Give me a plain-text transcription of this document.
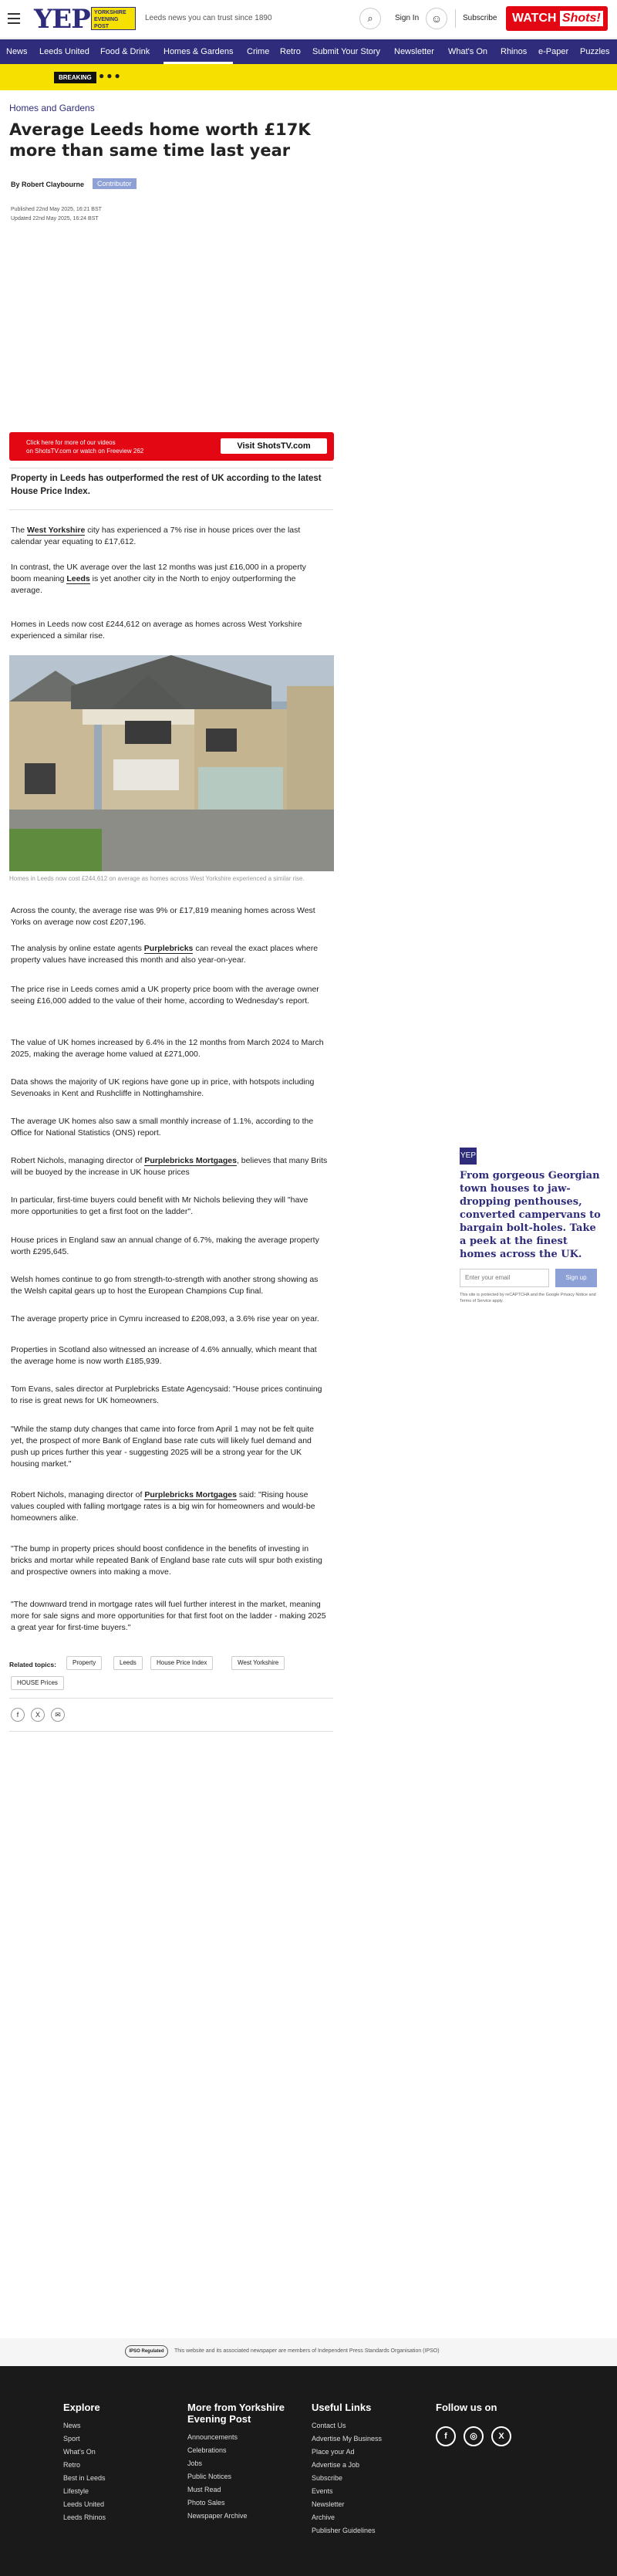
YEP YORKSHIRE EVENING POST
Leeds news you can trust since 1890	⌕	Sign In	☺	Subscribe	WATCH Shots!
News Leeds United Food & Drink Homes & Gardens Crime Retro Submit Your Story Newsletter What's On Rhinos e-Paper Puzzles
BREAKING ●●●
Homes and Gardens
Average Leeds home worth £17K more than same time last year
By Robert Claybourne	Contributor
Published 22nd May 2025, 16:21 BST
Updated 22nd May 2025, 16:24 BST
Click here for more of our videos
on ShotsTV.com or watch on Freeview 262
Visit ShotsTV.com
Property in Leeds has outperformed the rest of UK according to the latest House Price Index.
The West Yorkshire city has experienced a 7% rise in house prices over the last calendar year equating to £17,612.
In contrast, the UK average over the last 12 months was just £16,000 in a property boom meaning Leeds is yet another city in the North to enjoy outperforming the average.
Homes in Leeds now cost £244,612 on average as homes across West Yorkshire experienced a similar rise.
Homes in Leeds now cost £244,612 on average as homes across West Yorkshire experienced a similar rise.
Across the county, the average rise was 9% or £17,819 meaning homes across West Yorks on average now cost £207,196.
The analysis by online estate agents Purplebricks can reveal the exact places where property values have increased this month and also year-on-year.
The price rise in Leeds comes amid a UK property price boom with the average owner seeing £16,000 added to the value of their home, according to Wednesday's report.
The value of UK homes increased by 6.4% in the 12 months from March 2024 to March 2025, making the average home valued at £271,000.
Data shows the majority of UK regions have gone up in price, with hotspots including Sevenoaks in Kent and Rushcliffe in Nottinghamshire.
The average UK homes also saw a small monthly increase of 1.1%, according to the Office for National Statistics (ONS) report.
Robert Nichols, managing director of Purplebricks Mortgages, believes that many Brits will be buoyed by the increase in UK house prices
In particular, first-time buyers could benefit with Mr Nichols believing they will "have more opportunities to get a first foot on the ladder".
House prices in England saw an annual change of 6.7%, making the average property worth £295,645.
Welsh homes continue to go from strength-to-strength with another strong showing as the Welsh capital gears up to host the European Champions Cup final.
The average property price in Cymru increased to £208,093, a 3.6% rise year on year.
Properties in Scotland also witnessed an increase of 4.6% annually, which meant that the average home is now worth £185,939.
Tom Evans, sales director at Purplebricks Estate Agencysaid: "House prices continuing to rise is great news for UK homeowners.
"While the stamp duty changes that came into force from April 1 may not be felt quite yet, the prospect of more Bank of England base rate cuts will likely fuel demand and push up prices further this year - suggesting 2025 will be a strong year for the UK housing market."
Robert Nichols, managing director of Purplebricks Mortgages said: "Rising house values coupled with falling mortgage rates is a big win for homeowners and would-be homeowners alike.
"The bump in property prices should boost confidence in the benefits of investing in bricks and mortar while repeated Bank of England base rate cuts will spur both existing and prospective owners into making a move.
"The downward trend in mortgage rates will fuel further interest in the market, meaning more for sale signs and more opportunities for that first foot on the ladder - making 2025 a great year for first-time buyers."
Related topics:	Property	Leeds	House Price Index	West Yorkshire
HOUSE Prices
f	X	✉
YEP
From gorgeous Georgian town houses to jaw-dropping penthouses, converted campervans to bargain bolt-holes. Take a peek at the finest homes across the UK.
Enter your email	Sign up
This site is protected by reCAPTCHA and the Google Privacy Notice and Terms of Service apply.
IPSO Regulated	This website and its associated newspaper are members of Independent Press Standards Organisation (IPSO)
Explore
News
Sport
What's On
Retro
Best in Leeds
Lifestyle
Leeds United
Leeds Rhinos
More from Yorkshire Evening Post
Announcements
Celebrations
Jobs
Public Notices
Must Read
Photo Sales
Newspaper Archive
Useful Links
Contact Us
Advertise My Business
Place your Ad
Advertise a Job
Subscribe
Events
Newsletter
Archive
Publisher Guidelines
Follow us on
f	◎	X
